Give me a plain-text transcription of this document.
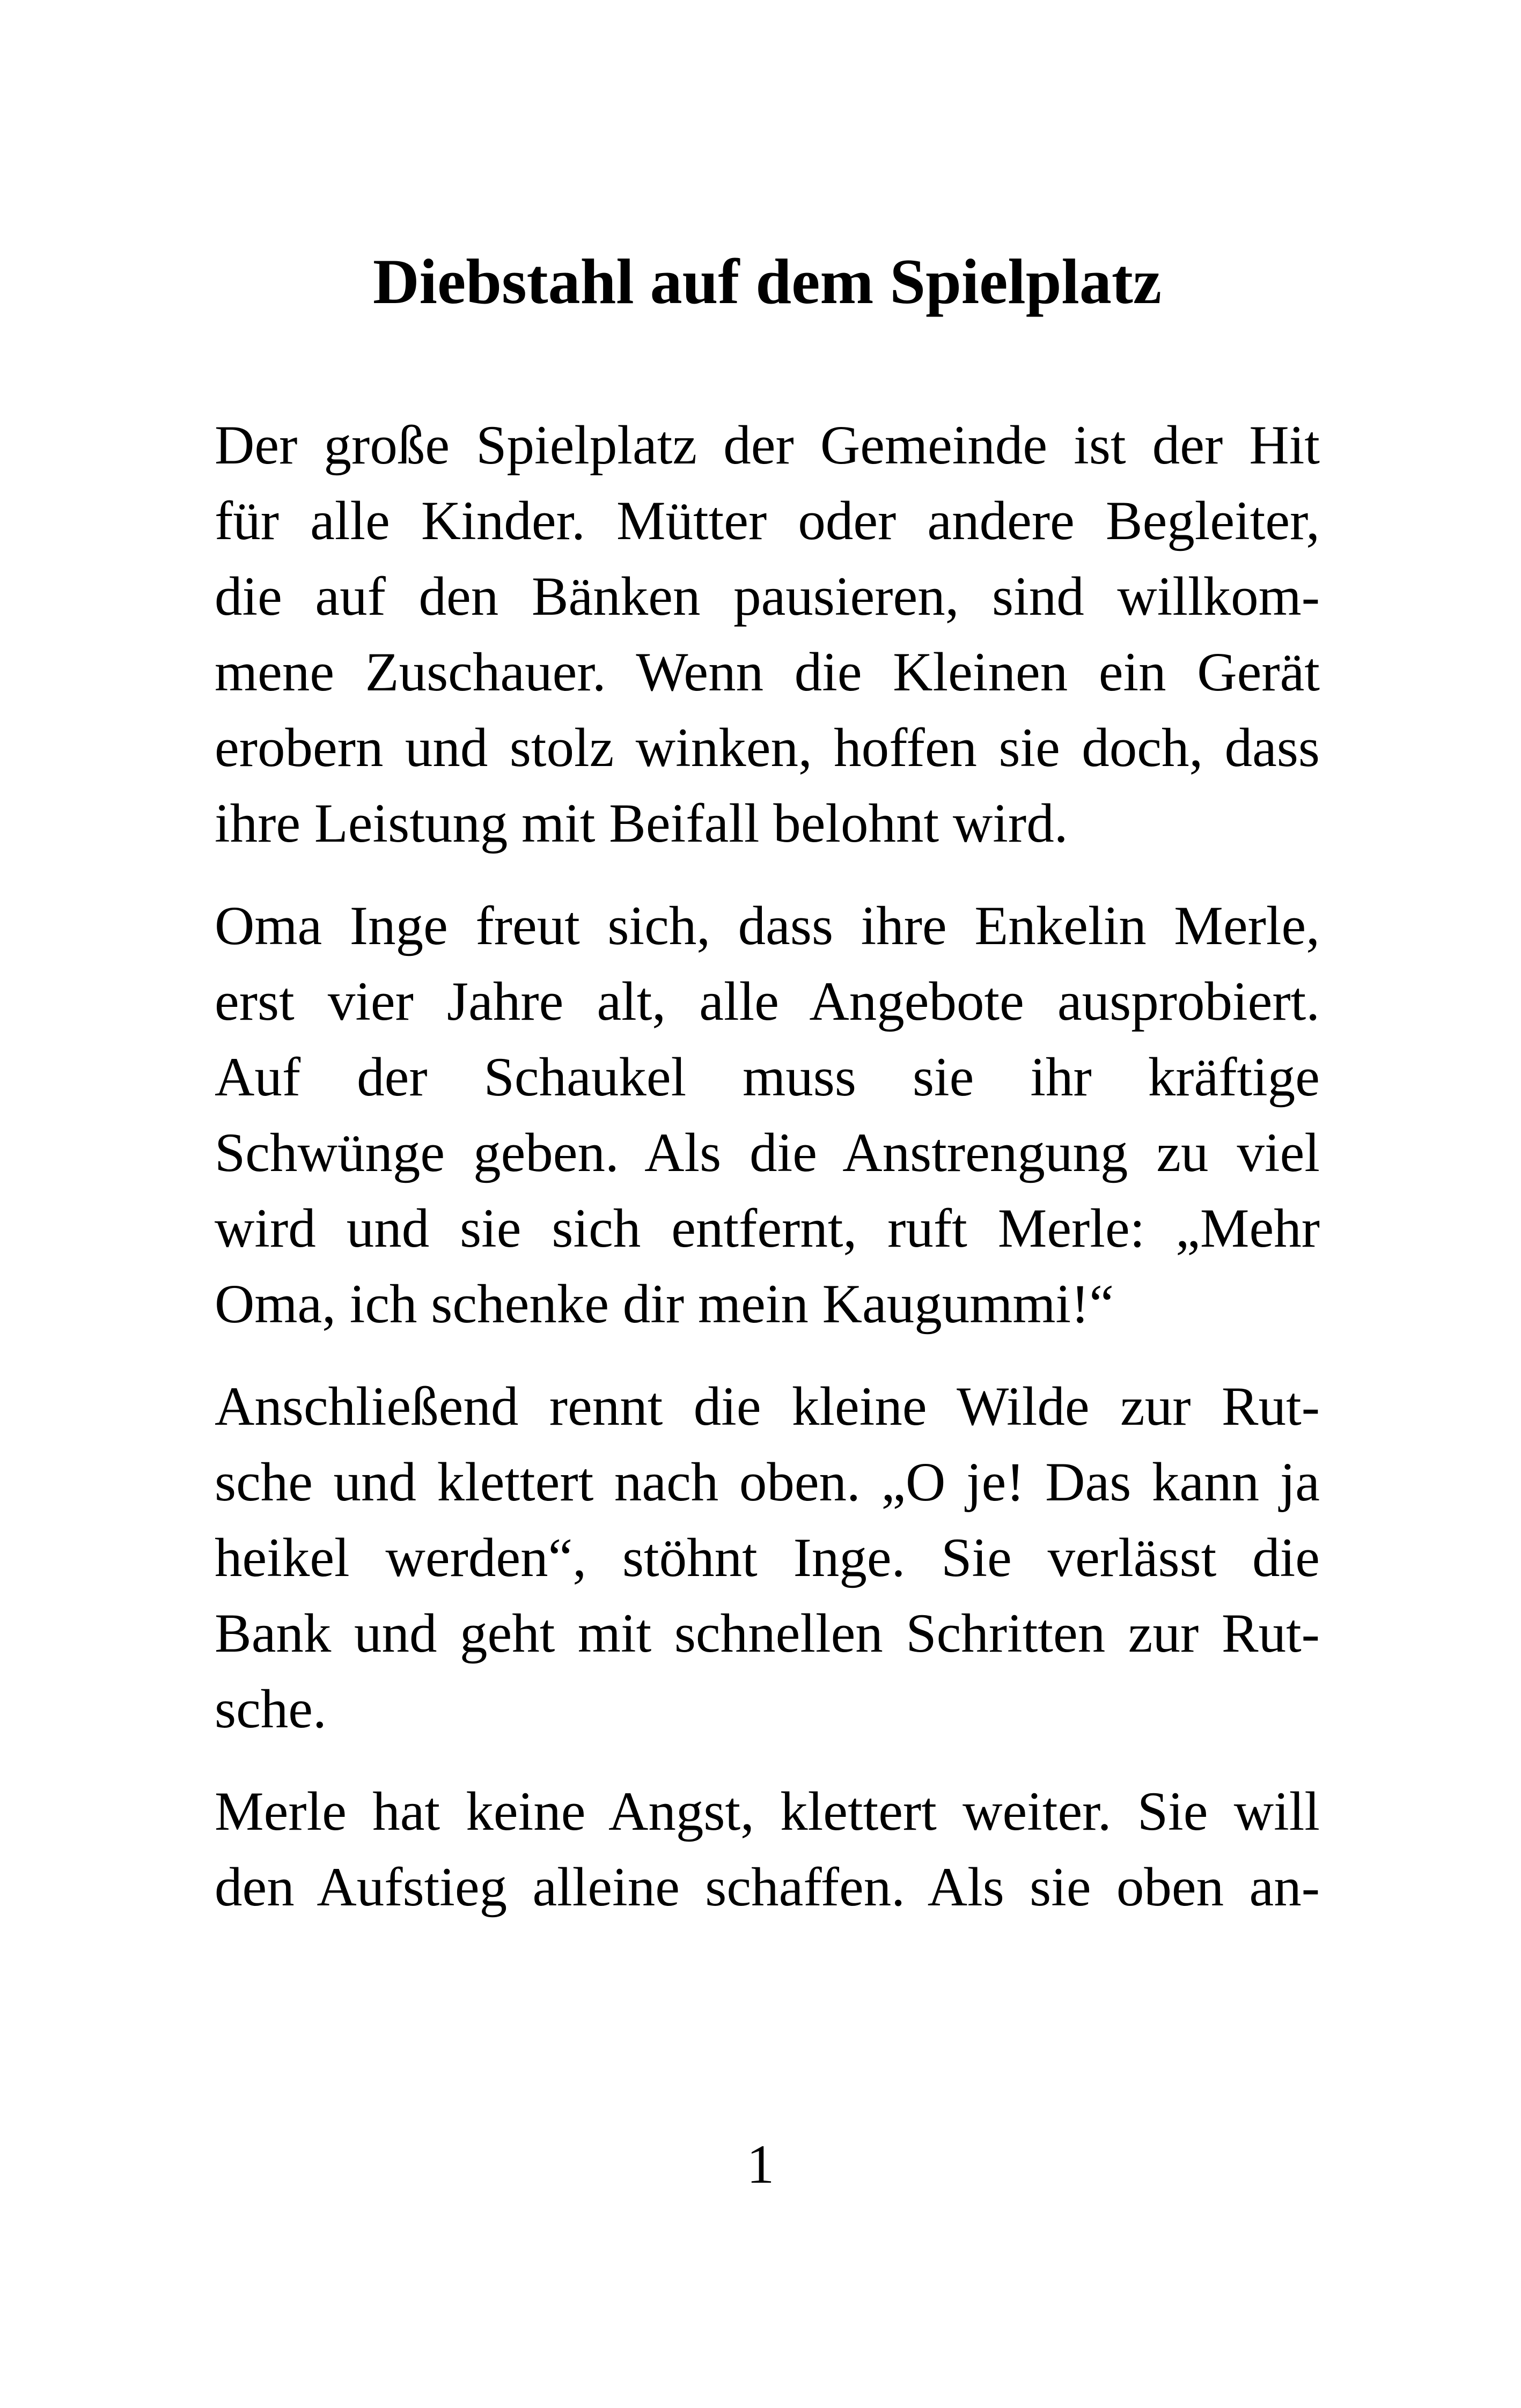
Diebstahl auf dem Spielplatz
Der große Spielplatz der Gemeinde ist der Hit
für alle Kinder. Mütter oder andere Begleiter,
die auf den Bänken pausieren, sind willkom-
mene Zuschauer. Wenn die Kleinen ein Gerät
erobern und stolz winken, hoffen sie doch, dass
ihre Leistung mit Beifall belohnt wird.
Oma Inge freut sich, dass ihre Enkelin Merle,
erst vier Jahre alt, alle Angebote ausprobiert.
Auf der Schaukel muss sie ihr kräftige
Schwünge geben. Als die Anstrengung zu viel
wird und sie sich entfernt, ruft Merle: „Mehr
Oma, ich schenke dir mein Kaugummi!“
Anschließend rennt die kleine Wilde zur Rut-
sche und klettert nach oben. „O je! Das kann ja
heikel werden“, stöhnt Inge. Sie verlässt die
Bank und geht mit schnellen Schritten zur Rut-
sche.
Merle hat keine Angst, klettert weiter. Sie will
den Aufstieg alleine schaffen. Als sie oben an-
1
